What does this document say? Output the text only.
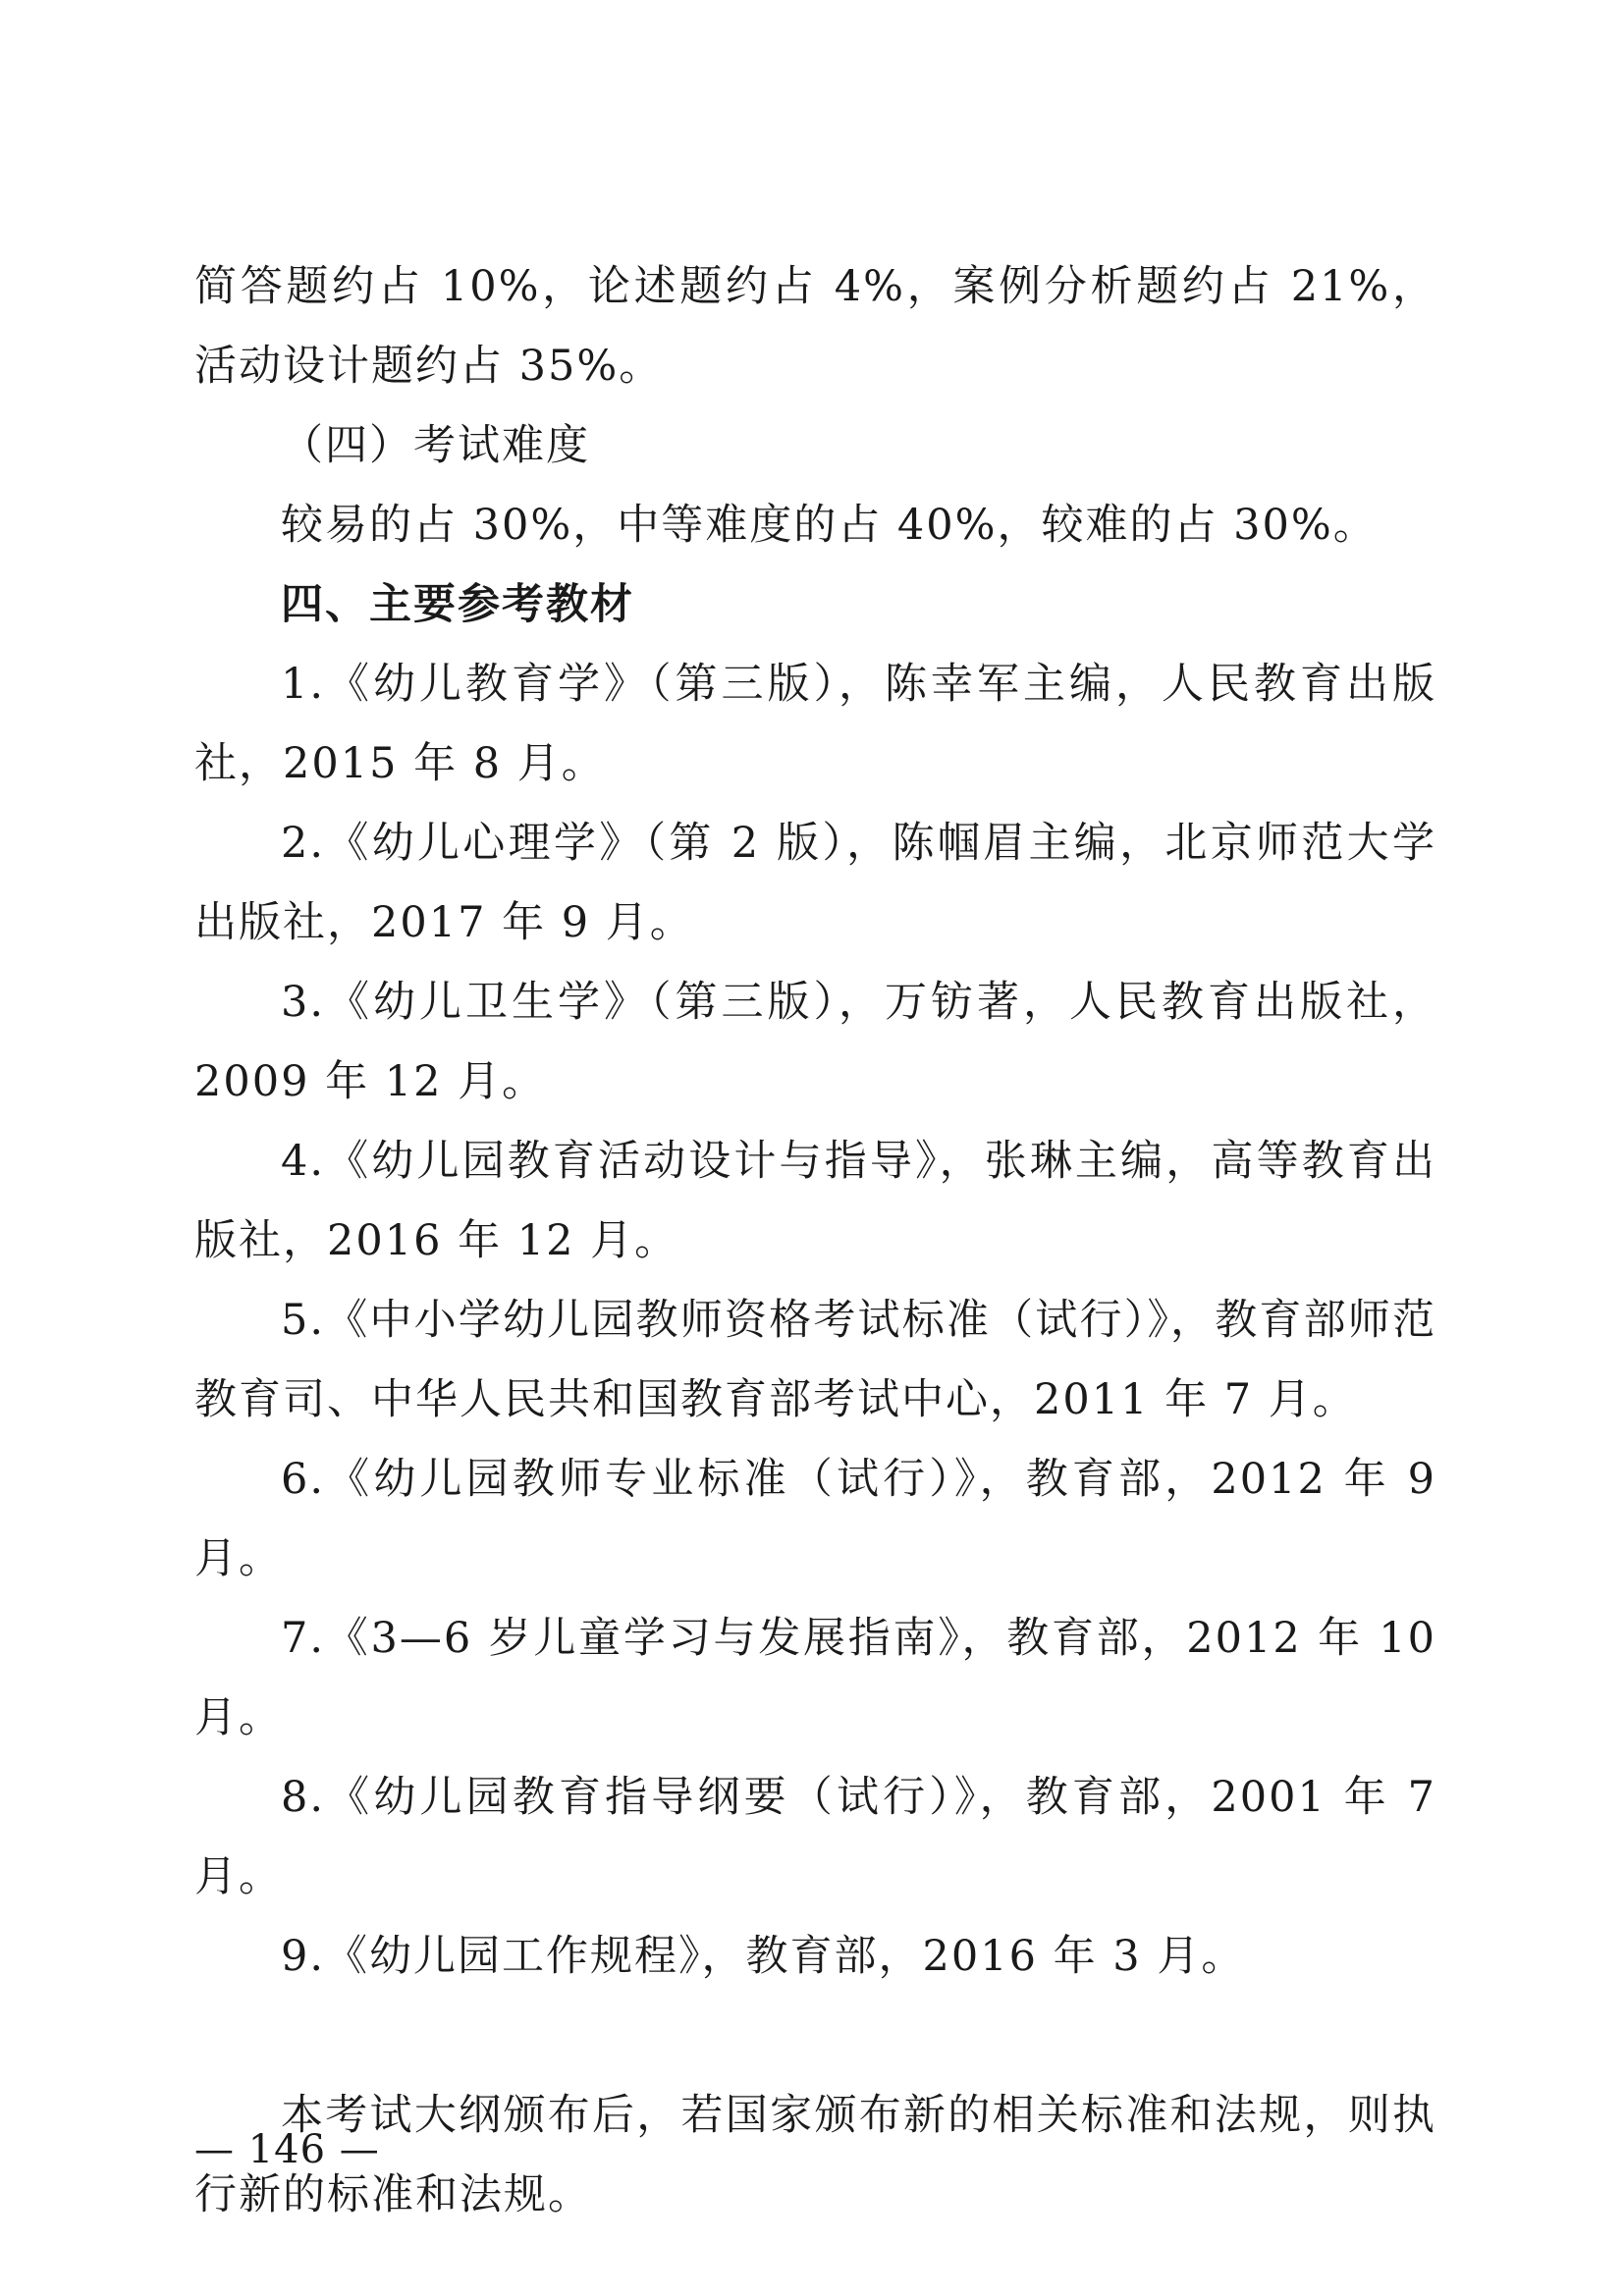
简答题约占 10%，论述题约占 4%，案例分析题约占 21%，活动设计题约占 35%。

（四）考试难度

较易的占 30%，中等难度的占 40%，较难的占 30%。

四、主要参考教材

1.《幼儿教育学》（第三版），陈幸军主编，人民教育出版社，2015 年 8 月。

2.《幼儿心理学》（第 2 版），陈帼眉主编，北京师范大学出版社，2017 年 9 月。

3.《幼儿卫生学》（第三版），万钫著，人民教育出版社，2009 年 12 月。

4.《幼儿园教育活动设计与指导》，张琳主编，高等教育出版社，2016 年 12 月。

5.《中小学幼儿园教师资格考试标准（试行）》，教育部师范教育司、中华人民共和国教育部考试中心，2011 年 7 月。

6.《幼儿园教师专业标准（试行）》，教育部，2012 年 9 月。

7.《3—6 岁儿童学习与发展指南》，教育部，2012 年 10 月。

8.《幼儿园教育指导纲要（试行）》，教育部，2001 年 7 月。

9.《幼儿园工作规程》，教育部，2016 年 3 月。

本考试大纲颁布后，若国家颁布新的相关标准和法规，则执行新的标准和法规。

— 146 —
